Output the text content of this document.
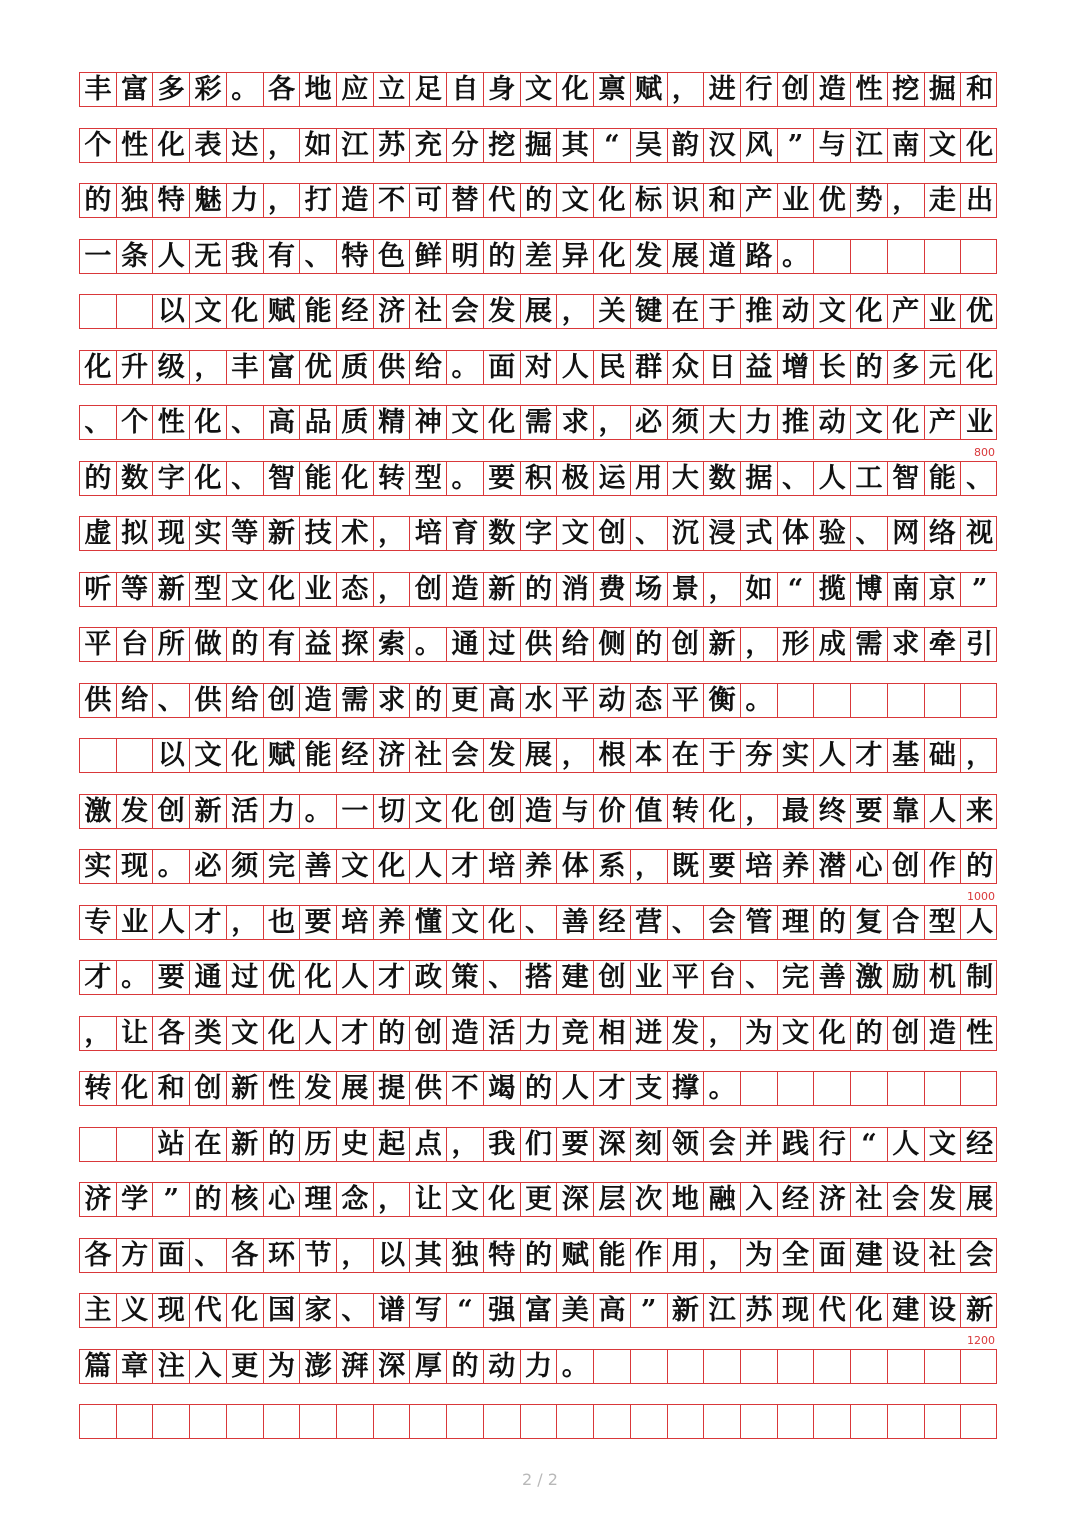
丰 富 多 彩 。 各 地 应 立 足 自 身 文 化 禀 赋 ， 进 行 创 造 性 挖 掘 和
个 性 化 表 达 ， 如 江 苏 充 分 挖 掘 其 “ 吴 韵 汉 风 ” 与 江 南 文 化
的 独 特 魅 力 ， 打 造 不 可 替 代 的 文 化 标 识 和 产 业 优 势 ， 走 出
一 条 人 无 我 有 、 特 色 鲜 明 的 差 异 化 发 展 道 路 。
以 文 化 赋 能 经 济 社 会 发 展 ， 关 键 在 于 推 动 文 化 产 业 优
化 升 级 ， 丰 富 优 质 供 给 。 面 对 人 民 群 众 日 益 增 长 的 多 元 化
、 个 性 化 、 高 品 质 精 神 文 化 需 求 ， 必 须 大 力 推 动 文 化 产 业
的 数 字 化 、 智 能 化 转 型 。 要 积 极 运 用 大 数 据 、 人 工 智 能 、
虚 拟 现 实 等 新 技 术 ， 培 育 数 字 文 创 、 沉 浸 式 体 验 、 网 络 视
听 等 新 型 文 化 业 态 ， 创 造 新 的 消 费 场 景 ， 如 “ 揽 博 南 京 ”
平 台 所 做 的 有 益 探 索 。 通 过 供 给 侧 的 创 新 ， 形 成 需 求 牵 引
供 给 、 供 给 创 造 需 求 的 更 高 水 平 动 态 平 衡 。
以 文 化 赋 能 经 济 社 会 发 展 ， 根 本 在 于 夯 实 人 才 基 础 ，
激 发 创 新 活 力 。 一 切 文 化 创 造 与 价 值 转 化 ， 最 终 要 靠 人 来
实 现 。 必 须 完 善 文 化 人 才 培 养 体 系 ， 既 要 培 养 潜 心 创 作 的
专 业 人 才 ， 也 要 培 养 懂 文 化 、 善 经 营 、 会 管 理 的 复 合 型 人
才 。 要 通 过 优 化 人 才 政 策 、 搭 建 创 业 平 台 、 完 善 激 励 机 制
， 让 各 类 文 化 人 才 的 创 造 活 力 竞 相 迸 发 ， 为 文 化 的 创 造 性
转 化 和 创 新 性 发 展 提 供 不 竭 的 人 才 支 撑 。
站 在 新 的 历 史 起 点 ， 我 们 要 深 刻 领 会 并 践 行 “ 人 文 经
济 学 ” 的 核 心 理 念 ， 让 文 化 更 深 层 次 地 融 入 经 济 社 会 发 展
各 方 面 、 各 环 节 ， 以 其 独 特 的 赋 能 作 用 ， 为 全 面 建 设 社 会
主 义 现 代 化 国 家 、 谱 写 “ 强 富 美 高 ” 新 江 苏 现 代 化 建 设 新
篇 章 注 入 更 为 澎 湃 深 厚 的 动 力 。
800
1000
1200
2 / 2
